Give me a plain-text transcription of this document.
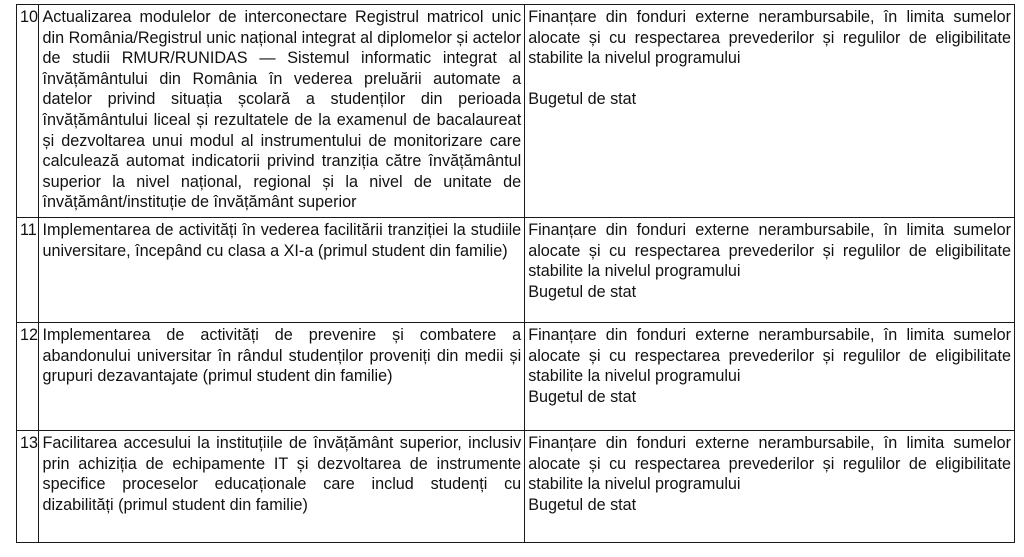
10	Actualizarea modulelor de interconectare Registrul matricol unic din România/Registrul unic național integrat al diplomelor și actelor de studii RMUR/RUNIDAS — Sistemul informatic integrat al învățământului din România în vederea preluării automate a datelor privind situația școlară a studenților din perioada învățământului liceal și rezultatele de la examenul de bacalaureat și dezvoltarea unui modul al instrumentului de monitorizare care calculează automat indicatorii privind tranziția către învățământul superior la nivel național, regional și la nivel de unitate de învățământ/instituție de învățământ superior	Finanțare din fonduri externe nerambursabile, în limita sumelor alocate și cu respectarea prevederilor și regulilor de eligibilitate stabilite la nivelul programului
Bugetul de stat

11	Implementarea de activități în vederea facilitării tranziției la studiile universitare, începând cu clasa a XI-a (primul student din familie)	Finanțare din fonduri externe nerambursabile, în limita sumelor alocate și cu respectarea prevederilor și regulilor de eligibilitate stabilite la nivelul programului
Bugetul de stat

12	Implementarea de activități de prevenire și combatere a abandonului universitar în rândul studenților proveniți din medii și grupuri dezavantajate (primul student din familie)	Finanțare din fonduri externe nerambursabile, în limita sumelor alocate și cu respectarea prevederilor și regulilor de eligibilitate stabilite la nivelul programului
Bugetul de stat

13	Facilitarea accesului la instituțiile de învățământ superior, inclusiv prin achiziția de echipamente IT și dezvoltarea de instrumente specifice proceselor educaționale care includ studenți cu dizabilități (primul student din familie)	Finanțare din fonduri externe nerambursabile, în limita sumelor alocate și cu respectarea prevederilor și regulilor de eligibilitate stabilite la nivelul programului
Bugetul de stat
